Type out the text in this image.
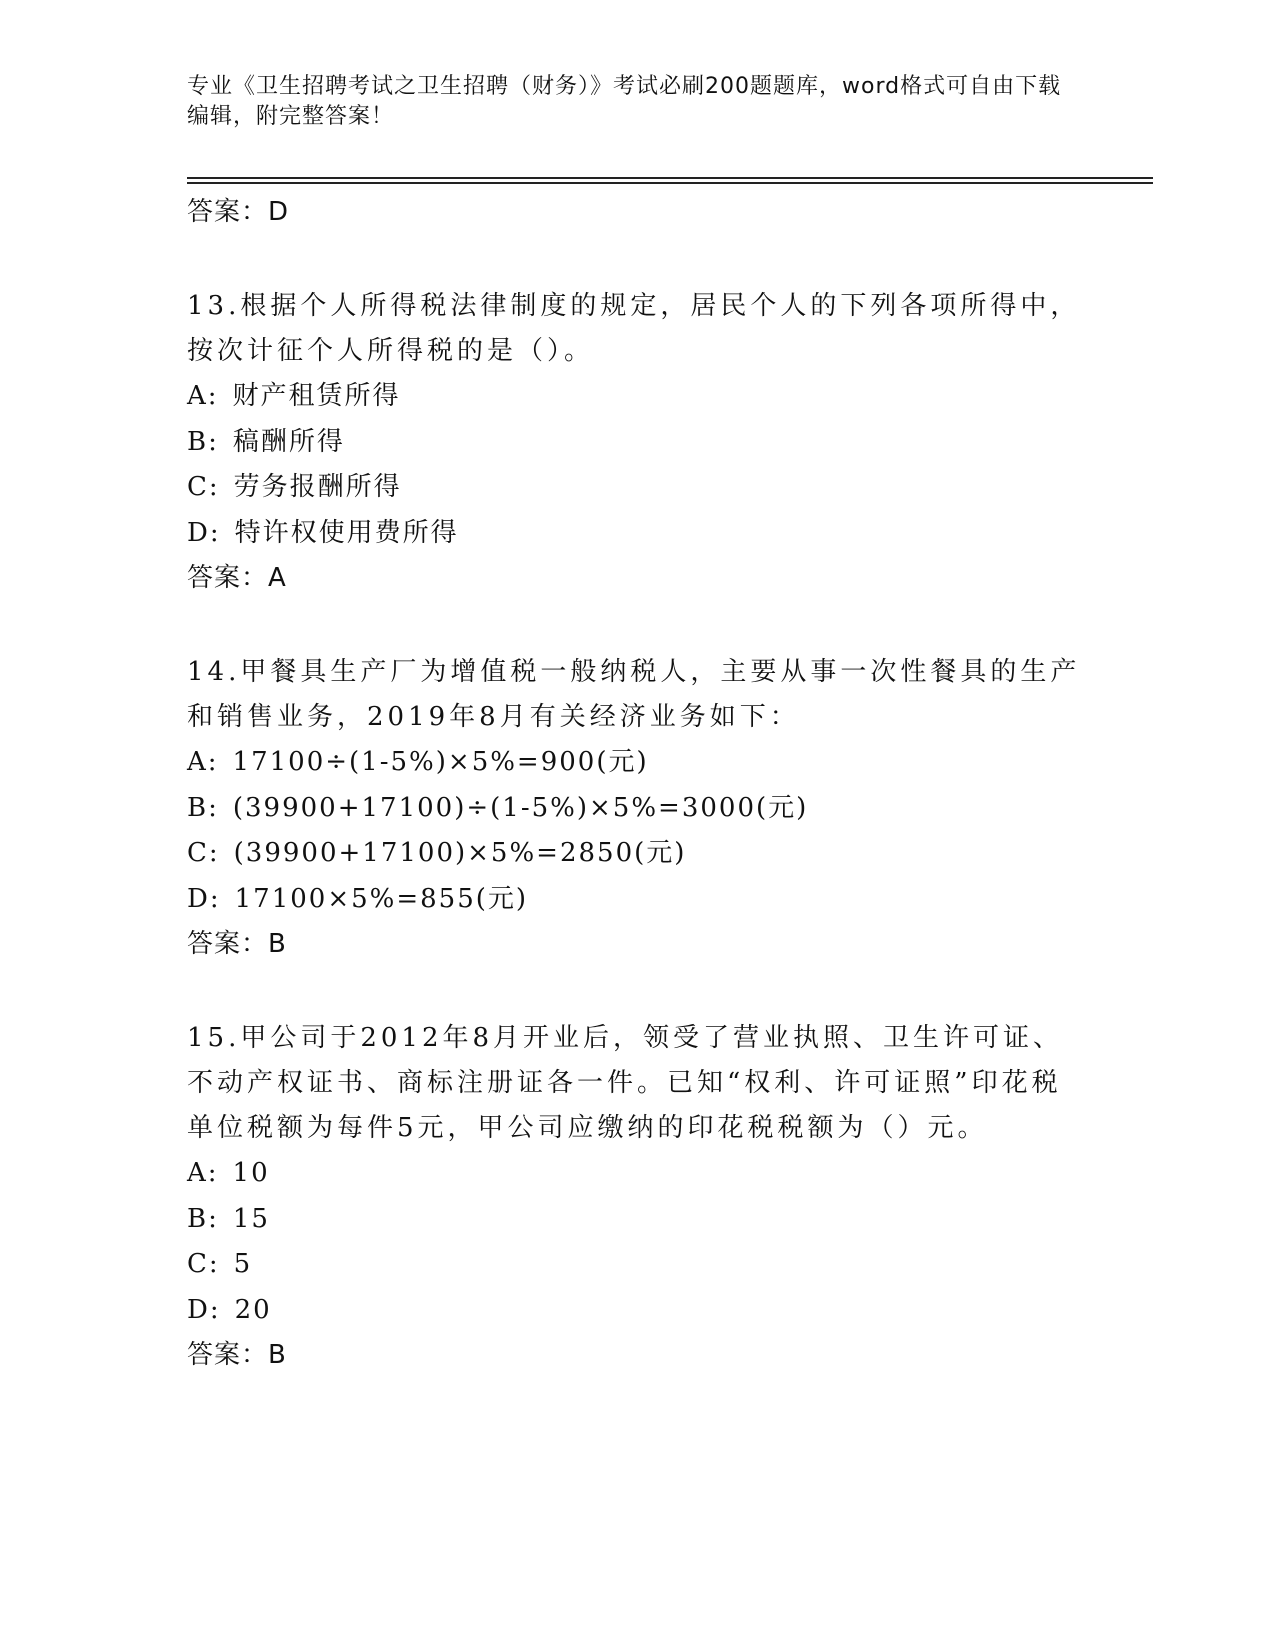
专业《卫生招聘考试之卫生招聘（财务）》考试必刷200题题库，word格式可自由下载编辑，附完整答案！
答案：D
13.根据个人所得税法律制度的规定，居民个人的下列各项所得中，按次计征个人所得税的是（）。
A: 财产租赁所得
B: 稿酬所得
C: 劳务报酬所得
D: 特许权使用费所得
答案：A
14.甲餐具生产厂为增值税一般纳税人，主要从事一次性餐具的生产和销售业务，2019年8月有关经济业务如下：
A: 17100÷(1-5%)×5%=900(元)
B: (39900+17100)÷(1-5%)×5%=3000(元)
C: (39900+17100)×5%=2850(元)
D: 17100×5%=855(元)
答案：B
15.甲公司于2012年8月开业后，领受了营业执照、卫生许可证、不动产权证书、商标注册证各一件。已知“权利、许可证照”印花税单位税额为每件5元，甲公司应缴纳的印花税税额为（）元。
A: 10
B: 15
C: 5
D: 20
答案：B
